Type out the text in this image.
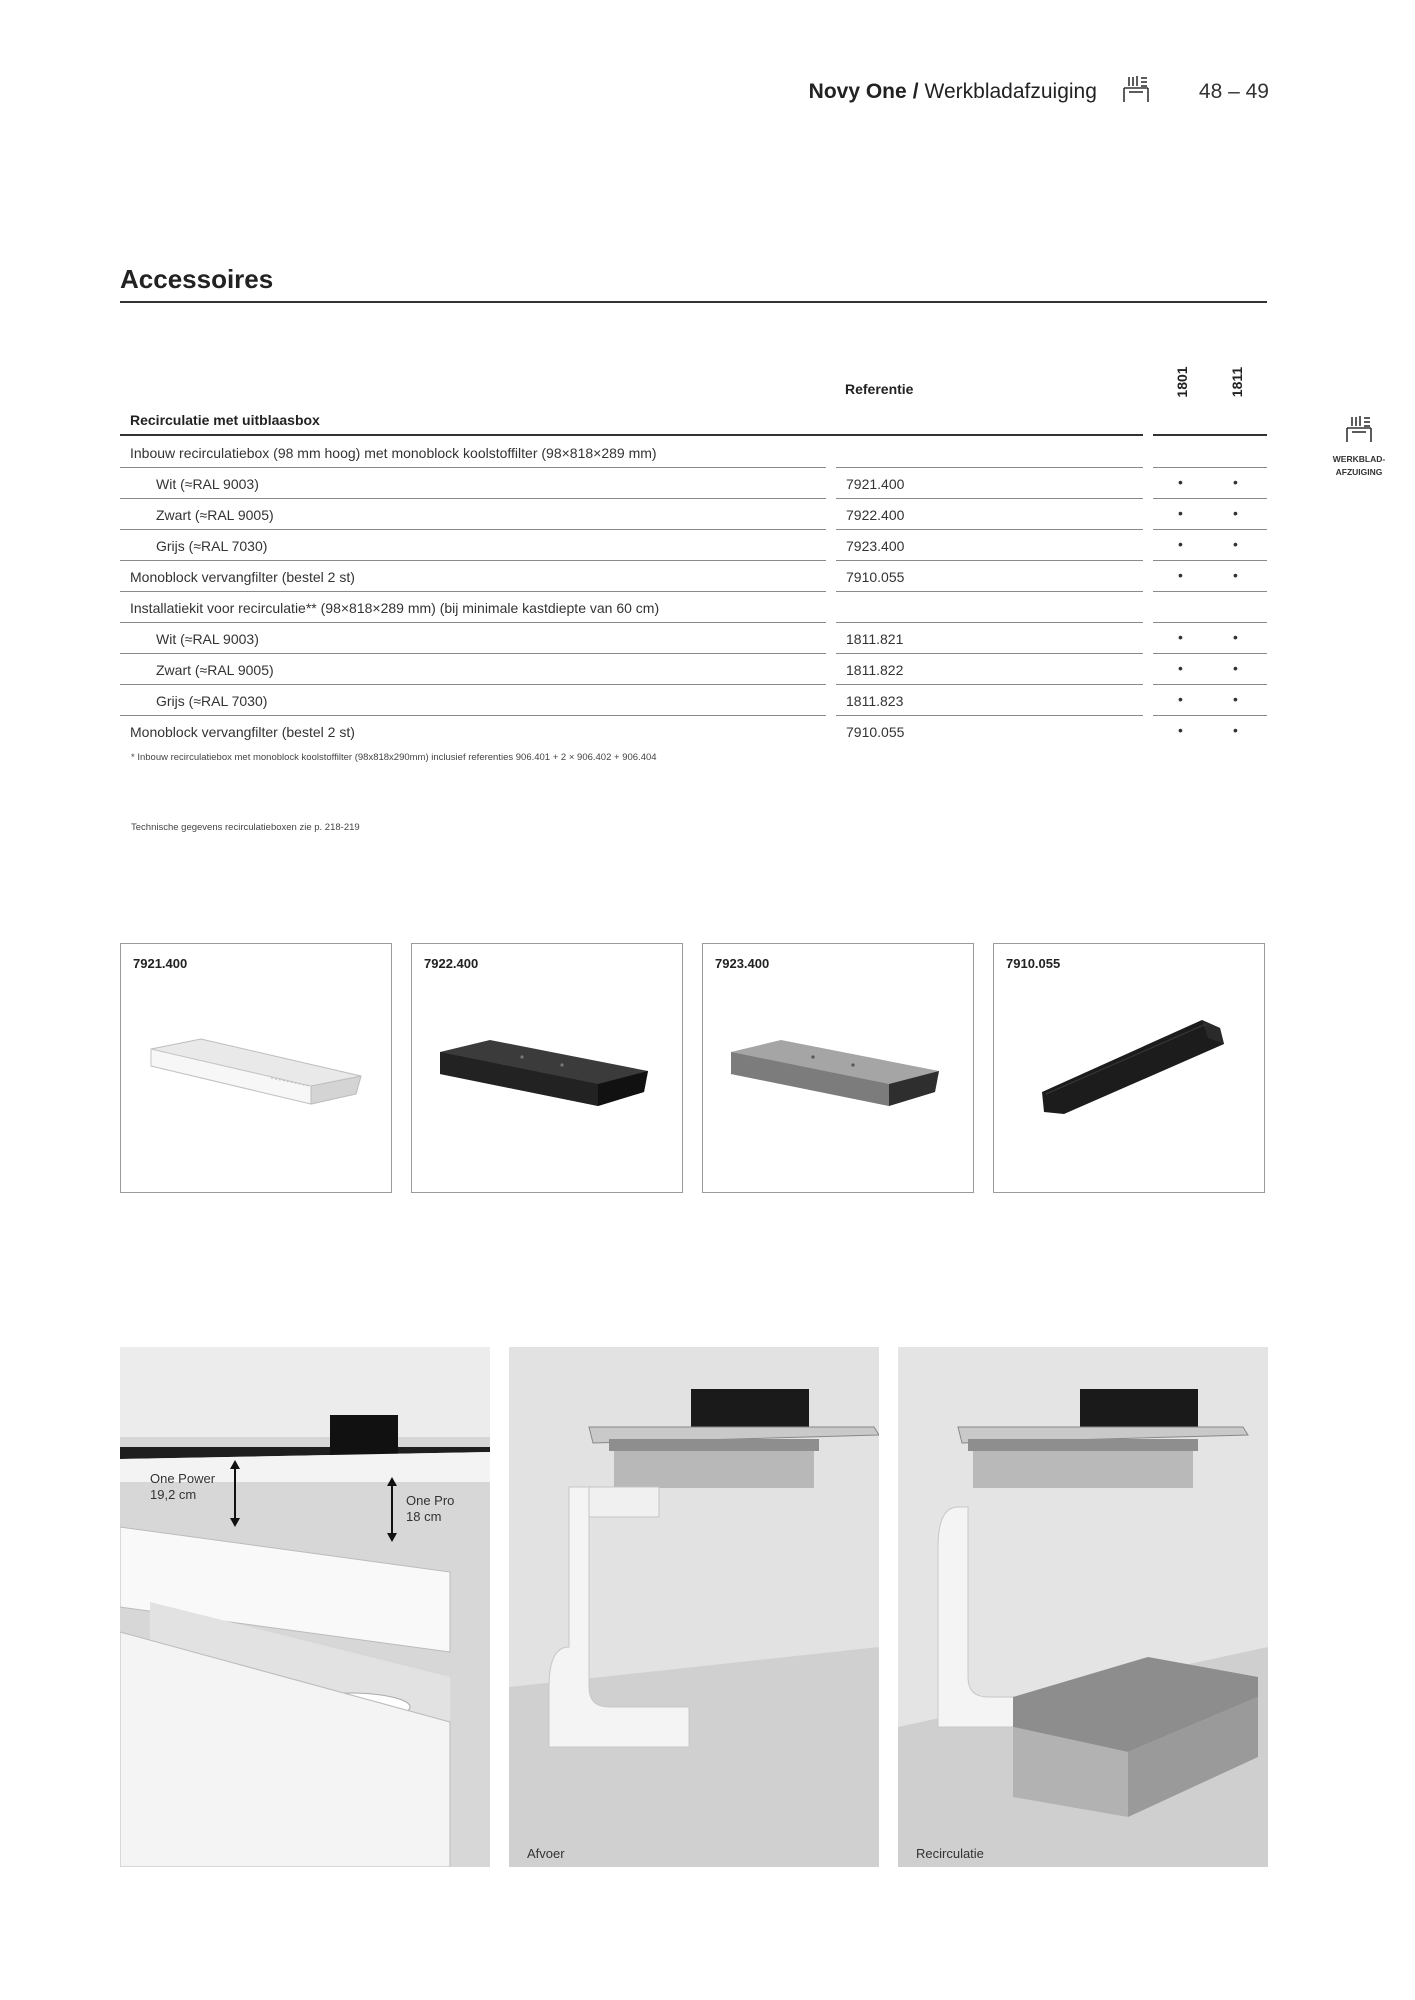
Novy One / Werkbladafzuiging	48 – 49
WERKBLAD-
AFZUIGING
Accessoires
Referentie	1801	1811
Recirculatie met uitblaasbox
Inbouw recirculatiebox (98 mm hoog) met monoblock koolstoffilter (98×818×289 mm)
Wit (≈RAL 9003)	7921.400	•	•
Zwart (≈RAL 9005)	7922.400	•	•
Grijs (≈RAL 7030)	7923.400	•	•
Monoblock vervangfilter (bestel 2 st)	7910.055	•	•
Installatiekit voor recirculatie** (98×818×289 mm) (bij minimale kastdiepte van 60 cm)
Wit (≈RAL 9003)	1811.821	•	•
Zwart (≈RAL 9005)	1811.822	•	•
Grijs (≈RAL 7030)	1811.823	•	•
Monoblock vervangfilter (bestel 2 st)	7910.055	•	•
* Inbouw recirculatiebox met monoblock koolstoffilter (98x818x290mm) inclusief referenties 906.401 + 2 × 906.402 + 906.404
Technische gegevens recirculatieboxen zie p. 218-219
7921.400	7922.400	7923.400	7910.055
One Power
19,2 cm	One Pro
18 cm
Afvoer	Recirculatie
